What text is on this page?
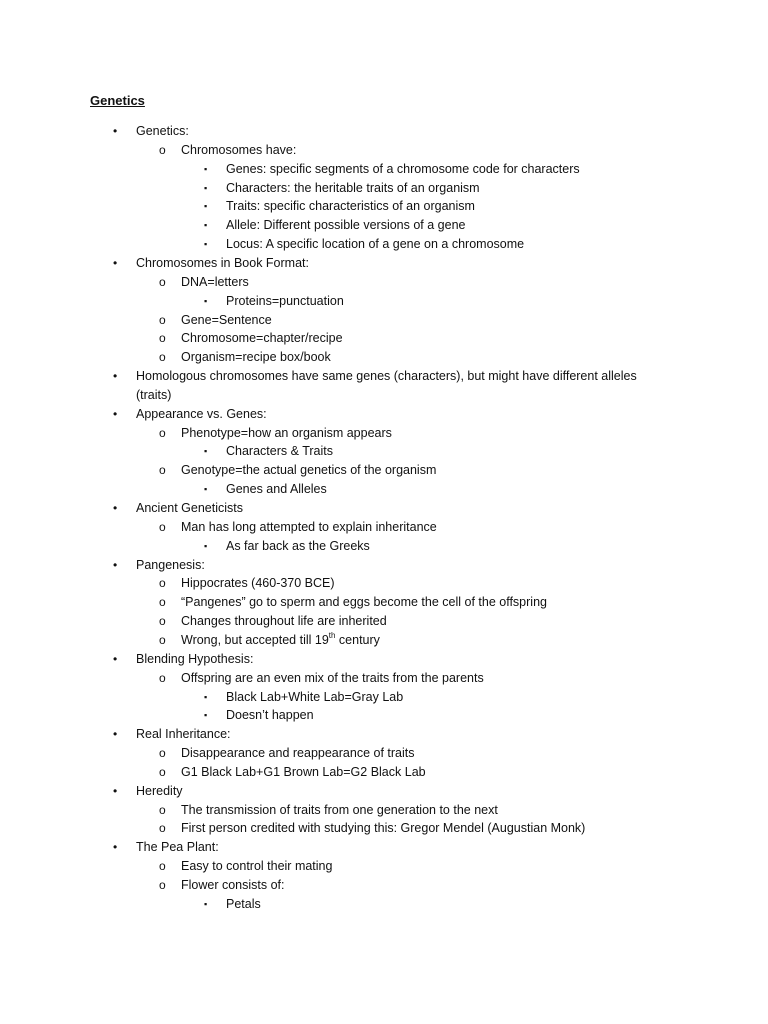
Genetics
• Genetics:
o Chromosomes have:
▪ Genes: specific segments of a chromosome code for characters
▪ Characters: the heritable traits of an organism
▪ Traits: specific characteristics of an organism
▪ Allele: Different possible versions of a gene
▪ Locus: A specific location of a gene on a chromosome
• Chromosomes in Book Format:
o DNA=letters
▪ Proteins=punctuation
o Gene=Sentence
o Chromosome=chapter/recipe
o Organism=recipe box/book
• Homologous chromosomes have same genes (characters), but might have different alleles
(traits)
• Appearance vs. Genes:
o Phenotype=how an organism appears
▪ Characters & Traits
o Genotype=the actual genetics of the organism
▪ Genes and Alleles
• Ancient Geneticists
o Man has long attempted to explain inheritance
▪ As far back as the Greeks
• Pangenesis:
o Hippocrates (460-370 BCE)
o “Pangenes” go to sperm and eggs become the cell of the offspring
o Changes throughout life are inherited
o Wrong, but accepted till 19th century
• Blending Hypothesis:
o Offspring are an even mix of the traits from the parents
▪ Black Lab+White Lab=Gray Lab
▪ Doesn’t happen
• Real Inheritance:
o Disappearance and reappearance of traits
o G1 Black Lab+G1 Brown Lab=G2 Black Lab
• Heredity
o The transmission of traits from one generation to the next
o First person credited with studying this: Gregor Mendel (Augustian Monk)
• The Pea Plant:
o Easy to control their mating
o Flower consists of:
▪ Petals
